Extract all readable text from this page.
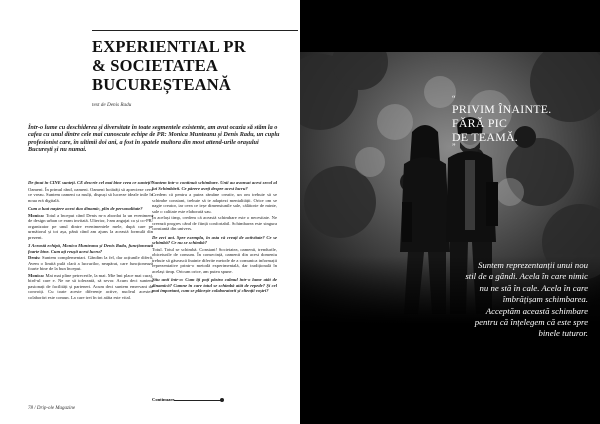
EXPERIENTIAL PR
& SOCIETATEA
BUCUREȘTEANĂ
text de Denis Radu

Într-o lume cu deschiderea și diversitate în toate segmentele existente, am avut ocazia să stăm la o cafea cu unul dintre cele mai cunoscute echipe de PR: Monica Munteanu și Denis Radu, un cuplu profesionist care, în ultimii doi ani, a fost în spatele multora din most attend-urile orașului București și nu numai.

De ținut în CINE sunteți. CE descrie cel mai bine ceea ce sunteți?

Oameni. În primul rând, oameni. Oameni hotărâți să aprecieze ceea ce vreau. Suntem oameni ca mulți, dispuși să lucreze ideale inile în noua eră digitală.

Cum a luat naștere acest duo dinamic, plin de personalitate?

Monica: Totul a început când Denis m-a abordat la un eveniment de design urban ce eram invitată. Ulterior, l-am angajat ca și co-PR/ organizator pe unul dintre evenimentele mele, după care pe următorul și tot așa, până când am ajuns la această formulă din prezent.

3 Această echipă, Monica Munteanu și Denis Radu, funcționează foarte bine. Cum ați reușit acest lucru?

Denis: Suntem complementari. Gândim la fel, dar acțiunile diferă. Avem o limită pulă clară a lucrurilor, neapărat, care funcționează foarte bine de la bun început.

Monica: Mai mai pline petrecerile, la mai. Mie îmi place mai curaj, bird-ul care e. Ne ne să tolerantă, să sevor. Acum deci suntem pasionați de facilități și parteneri. Acum deci suntem emervant de convoiți. Cu toate aceste diferențe active, nucleul acesteii colaborări este comun. La care trei în tot atâta este vital.

Suntem într-o continuă schimbare. Unii au avansat acest secol al lui Schimbării. Ce părere aveți despre acest lucru?

Credem că pentru a putea rămâne creativ, un om trebuie să se schimbe constant, trebuie să te adaptezi mentalității. Orice om se nagte creator, iar ceea ce ieșe dimensiunile sale, călătorie de minte, sale o calitate este elaborată sau.

În același timp, credem că această schimbare este o necesitate. Ne creează progres când de ființă confortabil. Schimbarea este singura constantă din univers.

De zeci ani. Spre exemplu, în asta vă creați de activitate? Ce se schimbă? Ce nu se schimbă?

Totul. Totul se schimbă. Constant! Societatea, oamenii, trendurile, obiceiurile de consum. În consecință, oamenii din acest domeniu trebuie să găsească înainte diferite metode de a comunica informații reprezentative printr-o metodă experimentală, dar tradițională în același timp. Oricum orice, am putea spune.

Știu unii într-o: Cum îți poți păstra calmul într-o lume atât de dinamică? Cumne în care totul se schimbă atât de repede? Și cel mai important, cum se plăcește colaboratorii și clienții voștri?

Continuare
78 / Drip-ole Magazine
“
PRIVIM ÎNAINTE.
FĂRĂ PIC
DE TEAMĂ.
”
Suntem reprezentanții unui nou
stil de a gândi. Acela în care nimic
nu ne stă în cale. Acela în care
îmbrățișam schimbarea.
Acceptăm această schimbare
pentru că înțelegem că este spre
binele tuturor.
